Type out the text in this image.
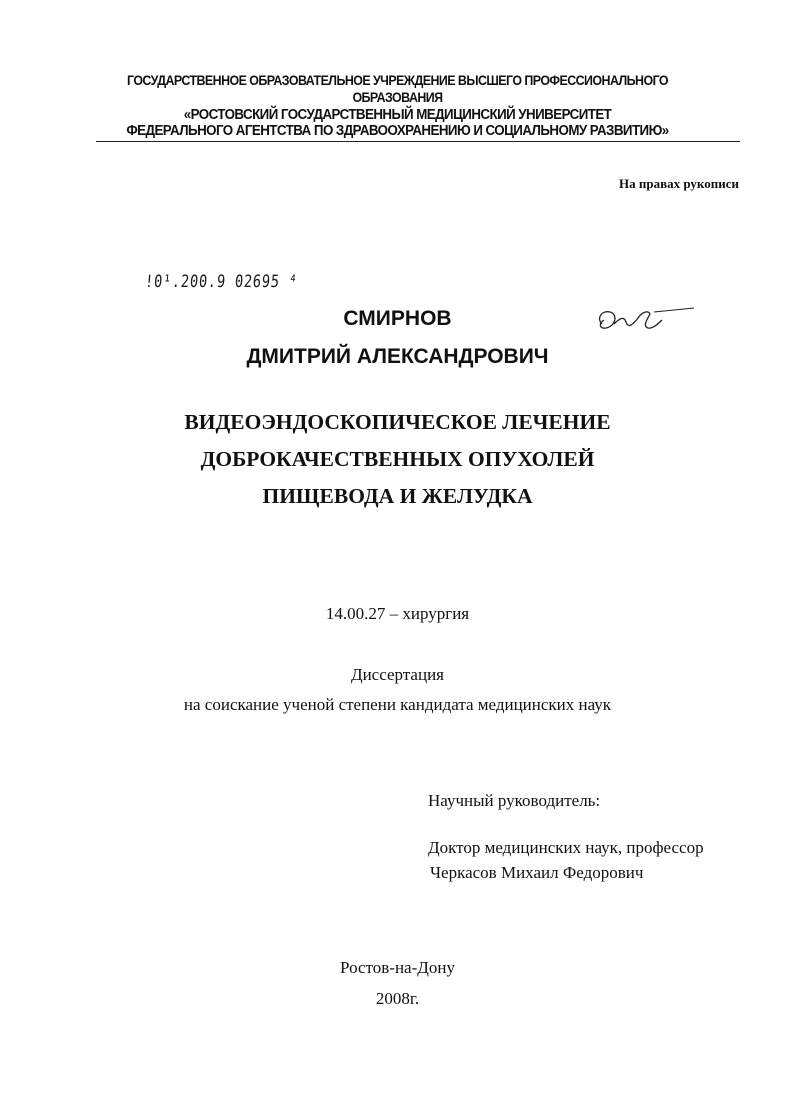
ГОСУДАРСТВЕННОЕ ОБРАЗОВАТЕЛЬНОЕ УЧРЕЖДЕНИЕ ВЫСШЕГО ПРОФЕССИОНАЛЬНОГО
ОБРАЗОВАНИЯ
«РОСТОВСКИЙ ГОСУДАРСТВЕННЫЙ МЕДИЦИНСКИЙ УНИВЕРСИТЕТ
ФЕДЕРАЛЬНОГО АГЕНТСТВА ПО ЗДРАВООХРАНЕНИЮ И СОЦИАЛЬНОМУ РАЗВИТИЮ»
На правах рукописи
!0¹.200.9 02695 ⁴
СМИРНОВ
ДМИТРИЙ АЛЕКСАНДРОВИЧ
ВИДЕОЭНДОСКОПИЧЕСКОЕ ЛЕЧЕНИЕ
ДОБРОКАЧЕСТВЕННЫХ ОПУХОЛЕЙ
ПИЩЕВОДА И ЖЕЛУДКА
14.00.27 – хирургия
Диссертация
на соискание ученой степени кандидата медицинских наук
Научный руководитель:
Доктор медицинских наук, профессор
Черкасов Михаил Федорович
Ростов-на-Дону
2008г.
